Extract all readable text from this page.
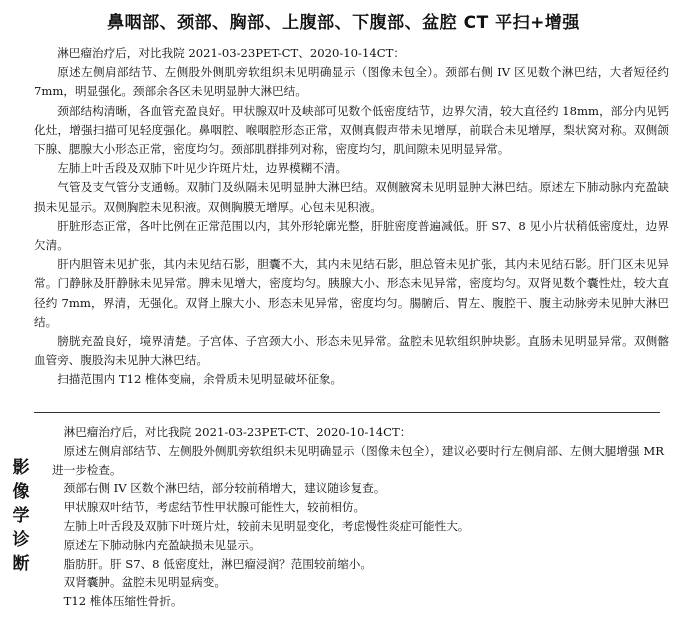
鼻咽部、颈部、胸部、上腹部、下腹部、盆腔 CT 平扫+增强

淋巴瘤治疗后，对比我院 2021-03-23PET-CT、2020-10-14CT：

原述左侧肩部结节、左侧股外侧肌旁软组织未见明确显示（图像未包全）。颈部右侧 IV 区见数个淋巴结，大者短径约 7mm，明显强化。颈部余各区未见明显肿大淋巴结。

颈部结构清晰，各血管充盈良好。甲状腺双叶及峡部可见数个低密度结节，边界欠清，较大直径约 18mm，部分内见钙化灶，增强扫描可见轻度强化。鼻咽腔、喉咽腔形态正常，双侧真假声带未见增厚，前联合未见增厚，梨状窝对称。双侧颌下腺、腮腺大小形态正常，密度均匀。颈部肌群排列对称，密度均匀，肌间隙未见明显异常。

左肺上叶舌段及双肺下叶见少许斑片灶，边界模糊不清。

气管及支气管分支通畅。双肺门及纵隔未见明显肿大淋巴结。双侧腋窝未见明显肿大淋巴结。原述左下肺动脉内充盈缺损未见显示。双侧胸腔未见积液。双侧胸膜无增厚。心包未见积液。

肝脏形态正常，各叶比例在正常范围以内，其外形轮廓光整，肝脏密度普遍减低。肝 S7、8 见小片状稍低密度灶，边界欠清。

肝内胆管未见扩张，其内未见结石影，胆囊不大，其内未见结石影，胆总管未见扩张，其内未见结石影。肝门区未见异常。门静脉及肝静脉未见异常。脾未见增大，密度均匀。胰腺大小、形态未见异常，密度均匀。双肾见数个囊性灶，较大直径约 7mm，界清，无强化。双肾上腺大小、形态未见异常，密度均匀。腸腑后、胃左、腹腔干、腹主动脉旁未见肿大淋巴结。

膀胱充盈良好，境界清楚。子宫体、子宫颈大小、形态未见异常。盆腔未见软组织肿块影。直肠未见明显异常。双侧髂血管旁、腹股沟未见肿大淋巴结。

扫描范围内 T12 椎体变扁，余骨质未见明显破坏征象。

影
像
学
诊
断

淋巴瘤治疗后，对比我院 2021-03-23PET-CT、2020-10-14CT：

原述左侧肩部结节、左侧股外侧肌旁软组织未见明确显示（图像未包全），建议必要时行左侧肩部、左侧大腿增强 MR 进一步检查。

颈部右侧 IV 区数个淋巴结，部分较前稍增大，建议随诊复查。

甲状腺双叶结节，考虑结节性甲状腺可能性大，较前相仿。

左肺上叶舌段及双肺下叶斑片灶，较前未见明显变化，考虑慢性炎症可能性大。

原述左下肺动脉内充盈缺损未见显示。

脂肪肝。肝 S7、8 低密度灶，淋巴瘤浸润？范围较前缩小。

双肾囊肿。盆腔未见明显病变。

T12 椎体压缩性骨折。
